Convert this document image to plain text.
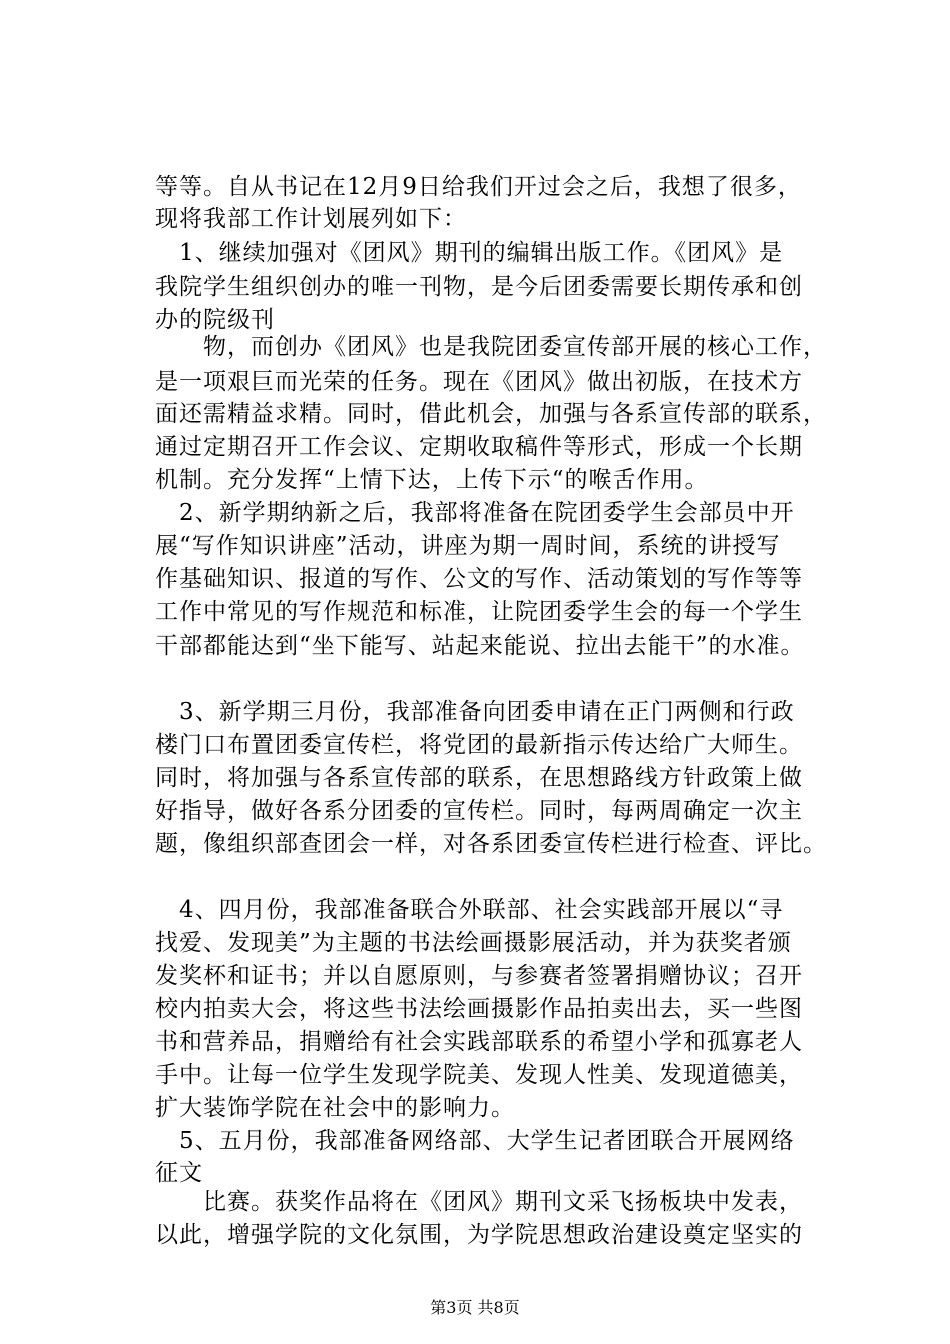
等等。自从书记在12月9日给我们开过会之后，我想了很多，
现将我部工作计划展列如下：
　1、继续加强对《团风》期刊的编辑出版工作。《团风》是
我院学生组织创办的唯一刊物，是今后团委需要长期传承和创
办的院级刊
　　物，而创办《团风》也是我院团委宣传部开展的核心工作，
是一项艰巨而光荣的任务。现在《团风》做出初版，在技术方
面还需精益求精。同时，借此机会，加强与各系宣传部的联系，
通过定期召开工作会议、定期收取稿件等形式，形成一个长期
机制。充分发挥“上情下达，上传下示“的喉舌作用。
　2、新学期纳新之后，我部将准备在院团委学生会部员中开
展“写作知识讲座”活动，讲座为期一周时间，系统的讲授写
作基础知识、报道的写作、公文的写作、活动策划的写作等等
工作中常见的写作规范和标准，让院团委学生会的每一个学生
干部都能达到“坐下能写、站起来能说、拉出去能干”的水准。
　3、新学期三月份，我部准备向团委申请在正门两侧和行政
楼门口布置团委宣传栏，将党团的最新指示传达给广大师生。
同时，将加强与各系宣传部的联系，在思想路线方针政策上做
好指导，做好各系分团委的宣传栏。同时，每两周确定一次主
题，像组织部查团会一样，对各系团委宣传栏进行检查、评比。
　4、四月份，我部准备联合外联部、社会实践部开展以“寻
找爱、发现美”为主题的书法绘画摄影展活动，并为获奖者颁
发奖杯和证书；并以自愿原则，与参赛者签署捐赠协议；召开
校内拍卖大会，将这些书法绘画摄影作品拍卖出去，买一些图
书和营养品，捐赠给有社会实践部联系的希望小学和孤寡老人
手中。让每一位学生发现学院美、发现人性美、发现道德美，
扩大装饰学院在社会中的影响力。
　5、五月份，我部准备网络部、大学生记者团联合开展网络
征文
　　比赛。获奖作品将在《团风》期刊文采飞扬板块中发表，
以此，增强学院的文化氛围，为学院思想政治建设奠定坚实的
第3页 共8页
